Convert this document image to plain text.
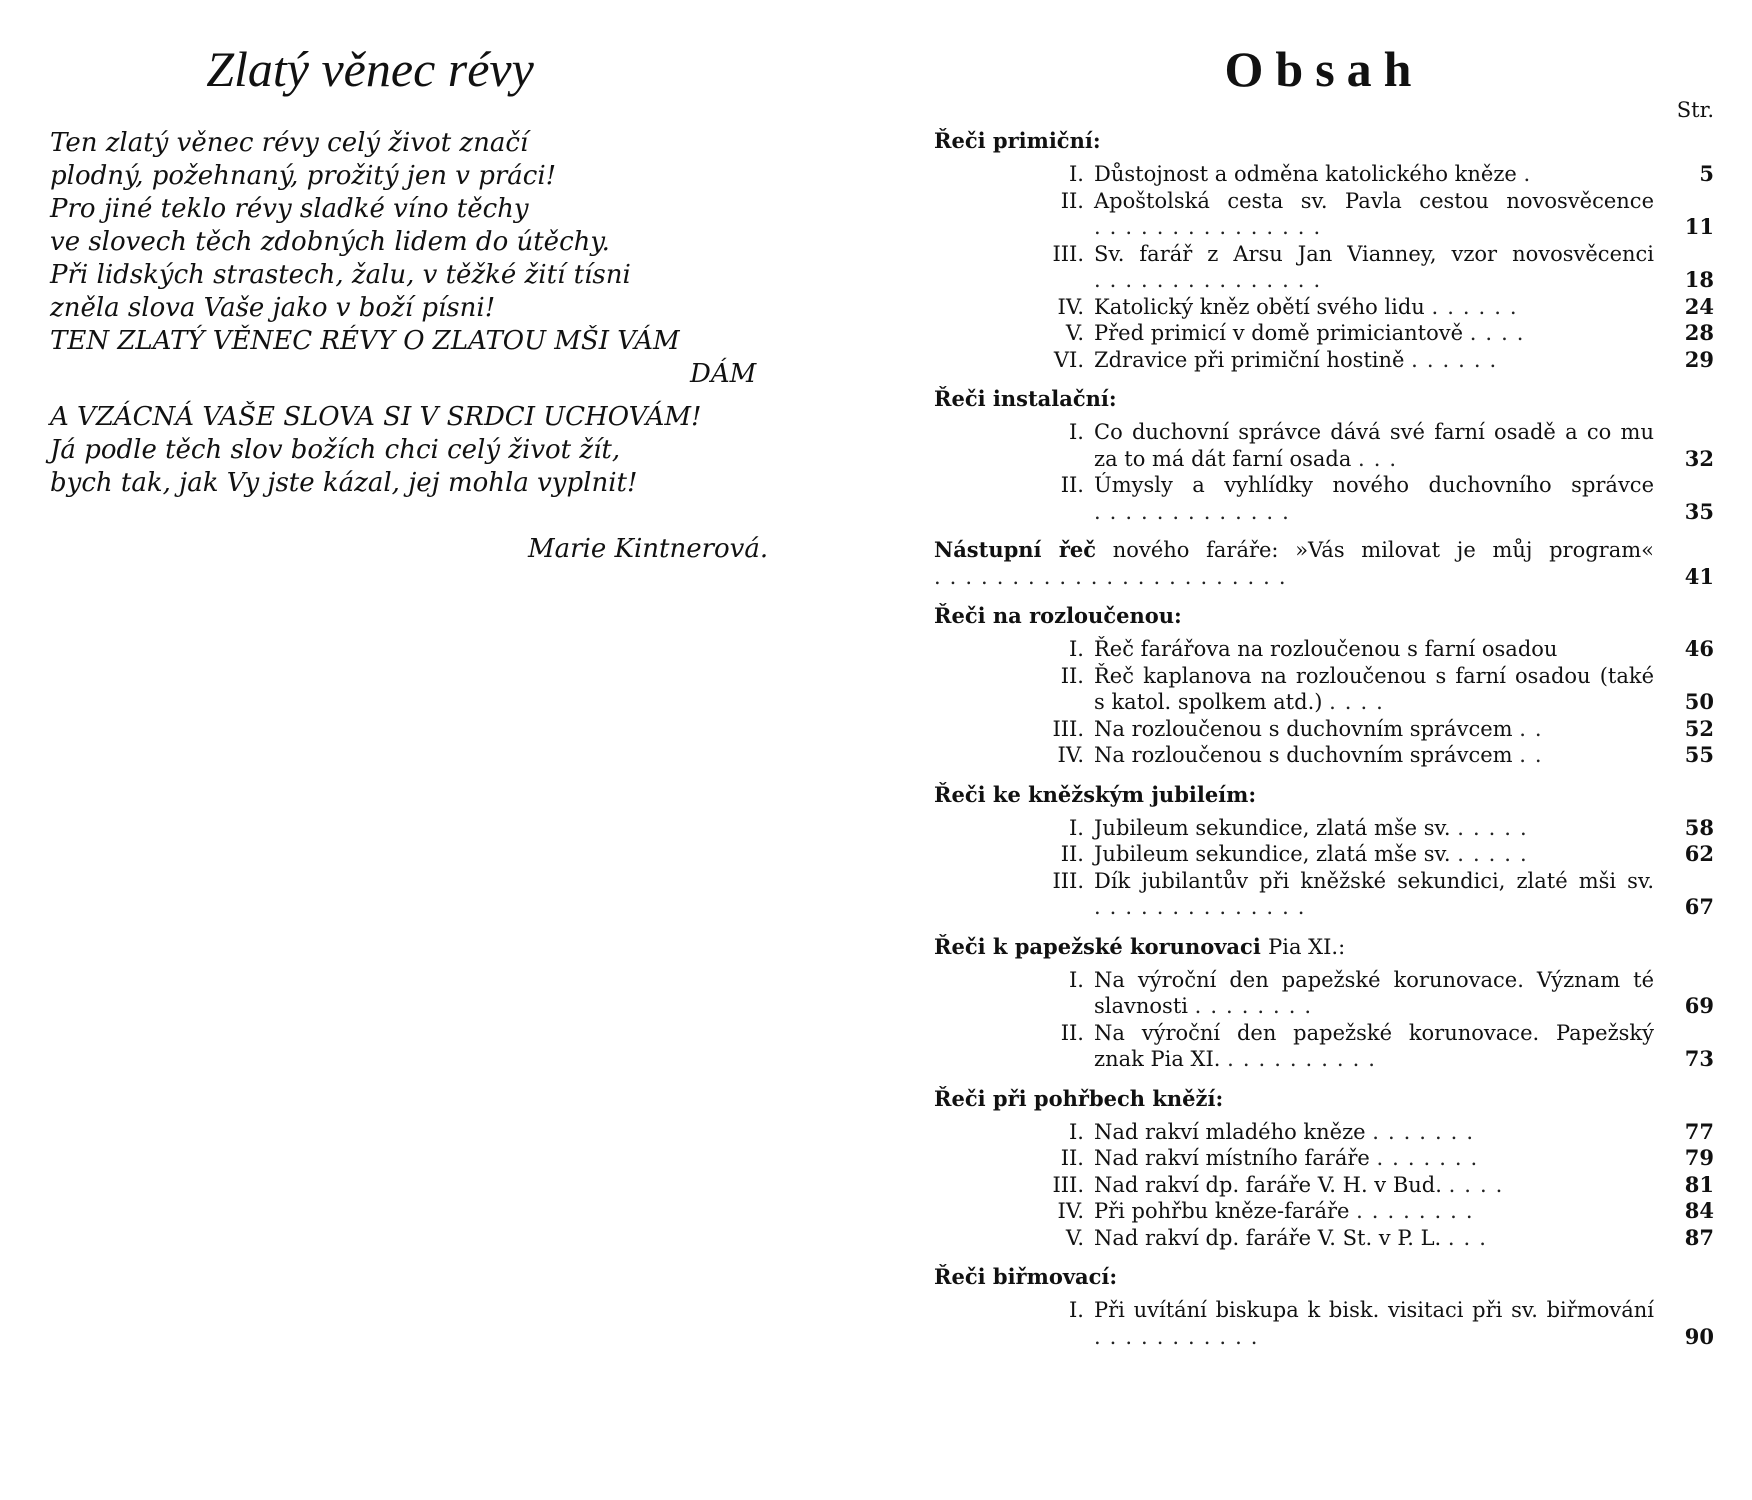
Zlatý věnec révy
Ten zlatý věnec révy celý život značí
plodný, požehnaný, prožitý jen v práci!
Pro jiné teklo révy sladké víno těchy
ve slovech těch zdobných lidem do útěchy.
Při lidských strastech, žalu, v těžké žití tísni
zněla slova Vaše jako v boží písni!
TEN ZLATÝ VĚNEC RÉVY O ZLATOU MŠI VÁM
DÁM
A VZÁCNÁ VAŠE SLOVA SI V SRDCI UCHOVÁM!
Já podle těch slov božích chci celý život žít,
bych tak, jak Vy jste kázal, jej mohla vyplnit!
Marie Kintnerová.
Obsah
Str.
Řeči primiční:
I. Důstojnost a odměna katolického kněze .	5
II. Apoštolská cesta sv. Pavla cestou novosvěcence ...............	11
III. Sv. farář z Arsu Jan Vianney, vzor novosvěcenci ...............	18
IV. Katolický kněz obětí svého lidu ......	24
V. Před primicí v domě primiciantově ....	28
VI. Zdravice při primiční hostině ......	29
Řeči instalační:
I. Co duchovní správce dává své farní osadě a co mu za to má dát farní osada ...	32
II. Úmysly a vyhlídky nového duchovního správce .............	35
Nástupní řeč nového faráře: »Vás milovat je můj program« .......................	41
Řeči na rozloučenou:
I. Řeč farářova na rozloučenou s farní osadou	46
II. Řeč kaplanova na rozloučenou s farní osadou (také s katol. spolkem atd.) ....	50
III. Na rozloučenou s duchovním správcem ..	52
IV. Na rozloučenou s duchovním správcem ..	55
Řeči ke kněžským jubileím:
I. Jubileum sekundice, zlatá mše sv. .....	58
II. Jubileum sekundice, zlatá mše sv. .....	62
III. Dík jubilantův při kněžské sekundici, zlaté mši sv. ..............	67
Řeči k papežské korunovaci Pia XI.:
I. Na výroční den papežské korunovace. Význam té slavnosti ........	69
II. Na výroční den papežské korunovace. Papežský znak Pia XI. ..........	73
Řeči při pohřbech kněží:
I. Nad rakví mladého kněze .......	77
II. Nad rakví místního faráře .......	79
III. Nad rakví dp. faráře V. H. v Bud. ....	81
IV. Při pohřbu kněze-faráře ........	84
V. Nad rakví dp. faráře V. St. v P. L. ...	87
Řeči biřmovací:
I. Při uvítání biskupa k bisk. visitaci při sv. biřmování ...........	90
